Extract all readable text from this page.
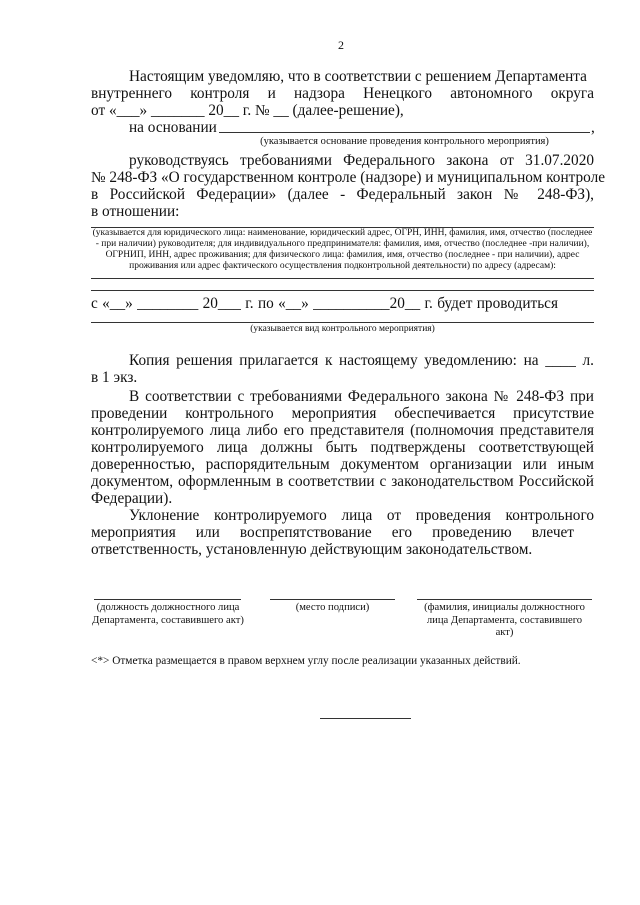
2
Настоящим уведомляю, что в соответствии с решением Департамента
внутреннего контроля и надзора Ненецкого автономного округа
от «___» _______ 20__ г. № __ (далее-решение),
на основании	,
(указывается основание проведения контрольного мероприятия)
руководствуясь требованиями Федерального закона от 31.07.2020
№ 248-ФЗ «О государственном контроле (надзоре) и муниципальном контроле
в Российской Федерации» (далее - Федеральный закон № 248-ФЗ),
в отношении:
(указывается для юридического лица: наименование, юридический адрес, ОГРН, ИНН, фамилия, имя, отчество (последнее - при наличии) руководителя; для индивидуального предпринимателя: фамилия, имя, отчество (последнее -при наличии), ОГРНИП, ИНН, адрес проживания; для физического лица: фамилия, имя, отчество (последнее - при наличии), адрес проживания или адрес фактического осуществления подконтрольной деятельности) по адресу (адресам):
с «__» ________ 20___ г. по «__» __________20__ г. будет проводиться
(указывается вид контрольного мероприятия)
Копия решения прилагается к настоящему уведомлению: на ____ л.
в 1 экз.
В соответствии с требованиями Федерального закона № 248-ФЗ при
проведении контрольного мероприятия обеспечивается присутствие
контролируемого лица либо его представителя (полномочия представителя
контролируемого лица должны быть подтверждены соответствующей
доверенностью, распорядительным документом организации или иным
документом, оформленным в соответствии с законодательством Российской
Федерации).
Уклонение контролируемого лица от проведения контрольного
мероприятия или воспрепятствование его проведению влечет
ответственность, установленную действующим законодательством.
(должность должностного лица Департамента, составившего акт)
(место подписи)	(фамилия, инициалы должностного лица Департамента, составившего акт)
<*> Отметка размещается в правом верхнем углу после реализации указанных действий.
